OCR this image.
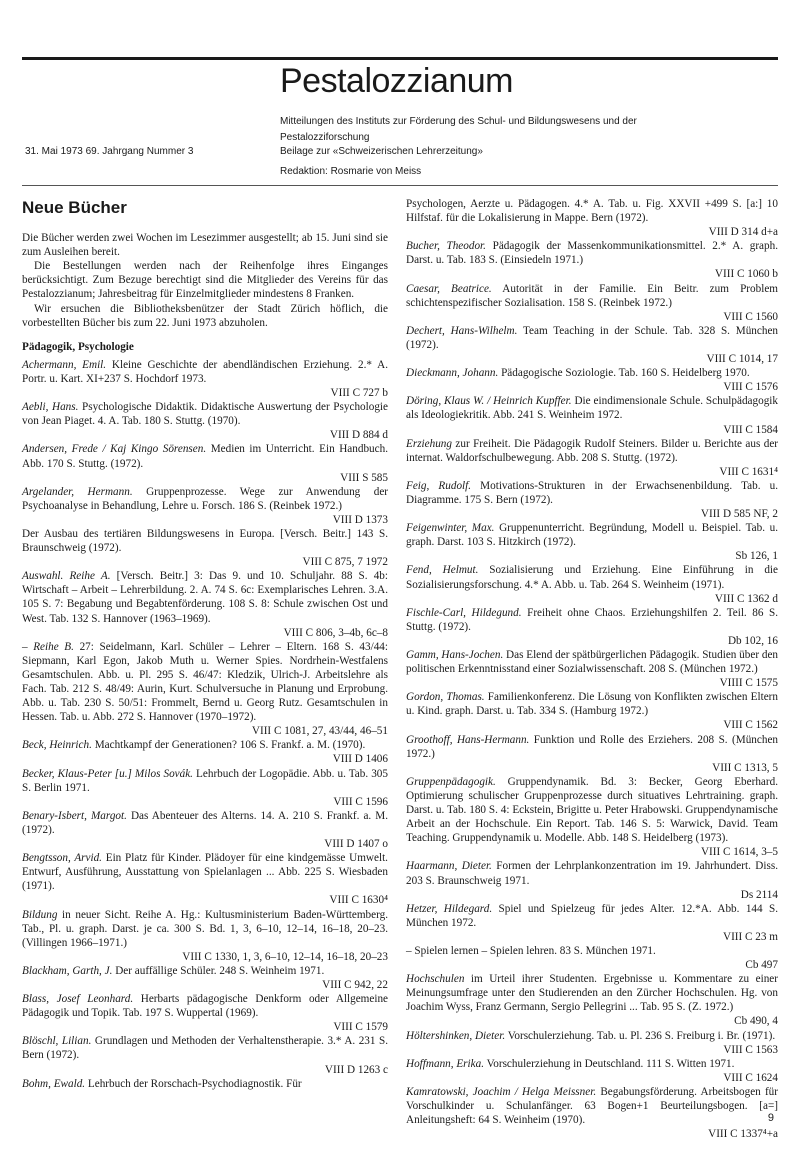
Pestalozzianum

Mitteilungen des Instituts zur Förderung des Schul- und Bildungswesens und der Pestalozziforschung

31. Mai 1973 69. Jahrgang Nummer 3	Beilage zur «Schweizerischen Lehrerzeitung»

Redaktion: Rosmarie von Meiss

Neue Bücher

Die Bücher werden zwei Wochen im Lesezimmer ausgestellt; ab 15. Juni sind sie zum Ausleihen bereit.

Die Bestellungen werden nach der Reihenfolge ihres Einganges berücksichtigt. Zum Bezuge berechtigt sind die Mitglieder des Vereins für das Pestalozzianum; Jahresbeitrag für Einzelmitglieder mindestens 8 Franken.

Wir ersuchen die Bibliotheksbenützer der Stadt Zürich höflich, die vorbestellten Bücher bis zum 22. Juni 1973 abzuholen.

Pädagogik, Psychologie

Achermann, Emil. Kleine Geschichte der abendländischen Erziehung. 2.* A. Portr. u. Kart. XI+237 S. Hochdorf 1973.
VIII C 727 b

Aebli, Hans. Psychologische Didaktik. Didaktische Auswertung der Psychologie von Jean Piaget. 4. A. Tab. 180 S. Stuttg. (1970).
VIII D 884 d

Andersen, Frede / Kaj Kingo Sörensen. Medien im Unterricht. Ein Handbuch. Abb. 170 S. Stuttg. (1972).
VIII S 585

Argelander, Hermann. Gruppenprozesse. Wege zur Anwendung der Psychoanalyse in Behandlung, Lehre u. Forsch. 186 S. (Reinbek 1972.)
VIII D 1373

Der Ausbau des tertiären Bildungswesens in Europa. [Versch. Beitr.] 143 S. Braunschweig (1972).
VIII C 875, 7 1972

Auswahl. Reihe A. [Versch. Beitr.] 3: Das 9. und 10. Schuljahr. 88 S. 4b: Wirtschaft – Arbeit – Lehrerbildung. 2. A. 74 S. 6c: Exemplarisches Lehren. 3.A. 105 S. 7: Begabung und Begabtenförderung. 108 S. 8: Schule zwischen Ost und West. Tab. 132 S. Hannover (1963–1969).
VIII C 806, 3–4b, 6c–8

– Reihe B. 27: Seidelmann, Karl. Schüler – Lehrer – Eltern. 168 S. 43/44: Siepmann, Karl Egon, Jakob Muth u. Werner Spies. Nordrhein-Westfalens Gesamtschulen. Abb. u. Pl. 295 S. 46/47: Kledzik, Ulrich-J. Arbeitslehre als Fach. Tab. 212 S. 48/49: Aurin, Kurt. Schulversuche in Planung und Erprobung. Abb. u. Tab. 230 S. 50/51: Frommelt, Bernd u. Georg Rutz. Gesamtschulen in Hessen. Tab. u. Abb. 272 S. Hannover (1970–1972).
VIII C 1081, 27, 43/44, 46–51

Beck, Heinrich. Machtkampf der Generationen? 106 S. Frankf. a. M. (1970).
VIII D 1406

Becker, Klaus-Peter [u.] Milos Sovák. Lehrbuch der Logopädie. Abb. u. Tab. 305 S. Berlin 1971.
VIII C 1596

Benary-Isbert, Margot. Das Abenteuer des Alterns. 14. A. 210 S. Frankf. a. M. (1972).
VIII D 1407 o

Bengtsson, Arvid. Ein Platz für Kinder. Plädoyer für eine kindgemässe Umwelt. Entwurf, Ausführung, Ausstattung von Spielanlagen ... Abb. 225 S. Wiesbaden (1971).
VIII C 1630⁴

Bildung in neuer Sicht. Reihe A. Hg.: Kultusministerium Baden-Württemberg. Tab., Pl. u. graph. Darst. je ca. 300 S. Bd. 1, 3, 6–10, 12–14, 16–18, 20–23. (Villingen 1966–1971.)
VIII C 1330, 1, 3, 6–10, 12–14, 16–18, 20–23

Blackham, Garth, J. Der auffällige Schüler. 248 S. Weinheim 1971.
VIII C 942, 22

Blass, Josef Leonhard. Herbarts pädagogische Denkform oder Allgemeine Pädagogik und Topik. Tab. 197 S. Wuppertal (1969).
VIII C 1579

Blöschl, Lilian. Grundlagen und Methoden der Verhaltenstherapie. 3.* A. 231 S. Bern (1972).
VIII D 1263 c

Bohm, Ewald. Lehrbuch der Rorschach-Psychodiagnostik. Für

Psychologen, Aerzte u. Pädagogen. 4.* A. Tab. u. Fig. XXVII +499 S. [a:] 10 Hilfstaf. für die Lokalisierung in Mappe. Bern (1972).
VIII D 314 d+a

Bucher, Theodor. Pädagogik der Massenkommunikationsmittel. 2.* A. graph. Darst. u. Tab. 183 S. (Einsiedeln 1971.)
VIII C 1060 b

Caesar, Beatrice. Autorität in der Familie. Ein Beitr. zum Problem schichtenspezifischer Sozialisation. 158 S. (Reinbek 1972.)
VIII C 1560

Dechert, Hans-Wilhelm. Team Teaching in der Schule. Tab. 328 S. München (1972).
VIII C 1014, 17

Dieckmann, Johann. Pädagogische Soziologie. Tab. 160 S. Heidelberg 1970.
VIII C 1576

Döring, Klaus W. / Heinrich Kupffer. Die eindimensionale Schule. Schulpädagogik als Ideologiekritik. Abb. 241 S. Weinheim 1972.
VIII C 1584

Erziehung zur Freiheit. Die Pädagogik Rudolf Steiners. Bilder u. Berichte aus der internat. Waldorfschulbewegung. Abb. 208 S. Stuttg. (1972).
VIII C 1631⁴

Feig, Rudolf. Motivations-Strukturen in der Erwachsenenbildung. Tab. u. Diagramme. 175 S. Bern (1972).
VIII D 585 NF, 2

Feigenwinter, Max. Gruppenunterricht. Begründung, Modell u. Beispiel. Tab. u. graph. Darst. 103 S. Hitzkirch (1972).
Sb 126, 1

Fend, Helmut. Sozialisierung und Erziehung. Eine Einführung in die Sozialisierungsforschung. 4.* A. Abb. u. Tab. 264 S. Weinheim (1971).
VIII C 1362 d

Fischle-Carl, Hildegund. Freiheit ohne Chaos. Erziehungshilfen 2. Teil. 86 S. Stuttg. (1972).
Db 102, 16

Gamm, Hans-Jochen. Das Elend der spätbürgerlichen Pädagogik. Studien über den politischen Erkenntnisstand einer Sozialwissenschaft. 208 S. (München 1972.)
VIIII C 1575

Gordon, Thomas. Familienkonferenz. Die Lösung von Konflikten zwischen Eltern u. Kind. graph. Darst. u. Tab. 334 S. (Hamburg 1972.)
VIII C 1562

Groothoff, Hans-Hermann. Funktion und Rolle des Erziehers. 208 S. (München 1972.)
VIII C 1313, 5

Gruppenpädagogik. Gruppendynamik. Bd. 3: Becker, Georg Eberhard. Optimierung schulischer Gruppenprozesse durch situatives Lehrtraining. graph. Darst. u. Tab. 180 S. 4: Eckstein, Brigitte u. Peter Hrabowski. Gruppendynamische Arbeit an der Hochschule. Ein Report. Tab. 146 S. 5: Warwick, David. Team Teaching. Gruppendynamik u. Modelle. Abb. 148 S. Heidelberg (1973).
VIII C 1614, 3–5

Haarmann, Dieter. Formen der Lehrplankonzentration im 19. Jahrhundert. Diss. 203 S. Braunschweig 1971.
Ds 2114

Hetzer, Hildegard. Spiel und Spielzeug für jedes Alter. 12.*A. Abb. 144 S. München 1972.
VIII C 23 m

– Spielen lernen – Spielen lehren. 83 S. München 1971.
Cb 497

Hochschulen im Urteil ihrer Studenten. Ergebnisse u. Kommentare zu einer Meinungsumfrage unter den Studierenden an den Zürcher Hochschulen. Hg. von Joachim Wyss, Franz Germann, Sergio Pellegrini ... Tab. 95 S. (Z. 1972.)
Cb 490, 4

Höltershinken, Dieter. Vorschulerziehung. Tab. u. Pl. 236 S. Freiburg i. Br. (1971).
VIII C 1563

Hoffmann, Erika. Vorschulerziehung in Deutschland. 111 S. Witten 1971.
VIII C 1624

Kamratowski, Joachim / Helga Meissner. Begabungsförderung. Arbeitsbogen für Vorschulkinder u. Schulanfänger. 63 Bogen+1 Beurteilungsbogen. [a=] Anleitungsheft: 64 S. Weinheim (1970).
VIII C 1337⁴+a

9
